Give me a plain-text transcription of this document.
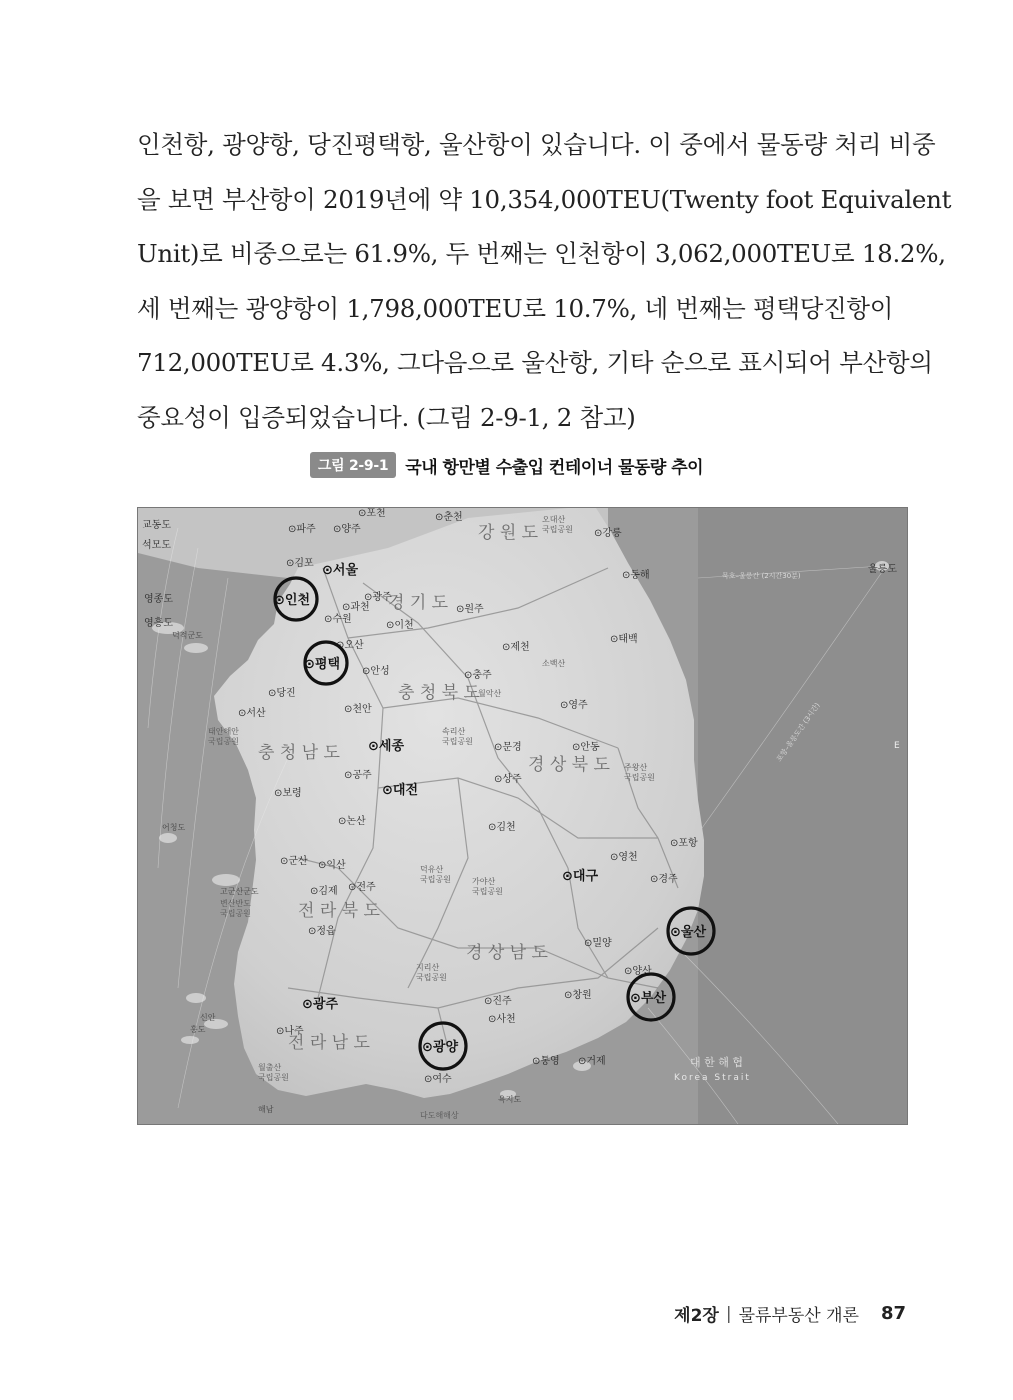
인천항, 광양항, 당진평택항, 울산항이 있습니다. 이 중에서 물동량 처리 비중
을 보면 부산항이 2019년에 약 10,354,000TEU(Twenty foot Equivalent
Unit)로 비중으로는 61.9%, 두 번째는 인천항이 3,062,000TEU로 18.2%,
세 번째는 광양항이 1,798,000TEU로 10.7%, 네 번째는 평택당진항이
712,000TEU로 4.3%, 그다음으로 울산항, 기타 순으로 표시되어 부산항의
중요성이 입증되었습니다. (그림 2-9-1, 2 참고)
그림 2-9-1	국내 항만별 수출입 컨테이너 물동량 추이
강 원 도
경 기 도
충 청 북 도
충 청 남 도
경 상 북 도
전 라 북 도
경 상 남 도
전 라 남 도
⊙파주 ⊙양주
⊙포천	⊙춘천
⊙강릉
⊙김포
⊙동해
⊙원주
⊙이천
⊙과천
⊙광주
⊙수원
⊙오산	⊙제천
⊙태백
⊙안성	⊙충주
⊙당진
⊙서산	⊙천안	⊙영주
⊙공주
⊙문경	⊙안동
⊙상주
⊙보령
⊙논산
⊙김천
⊙포항
⊙군산 ⊙익산
⊙영천
⊙김제 ⊙전주
⊙경주
⊙정읍
⊙밀양
⊙양산
⊙창원
⊙진주
⊙사천
⊙나주
⊙통영 ⊙거제
⊙여수
울릉도
교동도
석모도
영종도
영흥도
⊙서울
⊙세종
⊙대전
⊙대구
⊙광주
태안해안
국립공원
오대산
국립공원
월악산
속리산
국립공원
소백산
주왕산
국립공원
덕유산
국립공원	가야산
국립공원
지리산
국립공원
변산반도
국립공원
월출산
국립공원
다도해해상
덕적군도
어청도
고군산군도
욕지도
신안
홍도
해남
대 한 해 협
Korea Strait
묵호–울릉간 (2시간30분)
포항–울릉도간 (3시간)	E
⊙인천
⊙평택
⊙울산
⊙부산
⊙광양
제2장 | 물류부동산 개론 87
